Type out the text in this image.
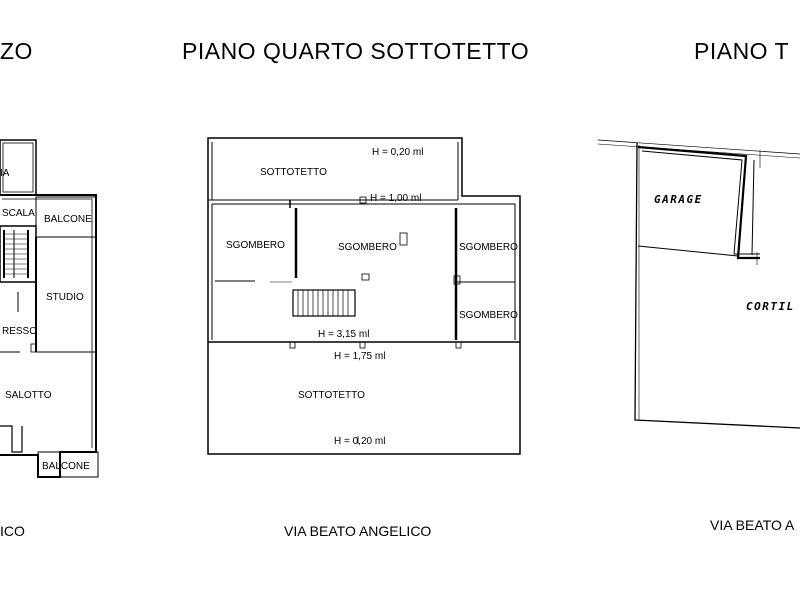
ZO	PIANO QUARTO SOTTOTETTO	PIANO T
IA
SCALA
BALCONE
STUDIO
RESSO
SALOTTO
BALCONE
SOTTOTETTO
H = 0,20 ml
H = 1,00 ml
SGOMBERO	SGOMBERO	SGOMBERO
SGOMBERO
H = 3,15 ml
H = 1,75 ml
SOTTOTETTO
H = 0,20 ml
GARAGE
CORTIL
ICO	VIA BEATO ANGELICO	VIA BEATO A
